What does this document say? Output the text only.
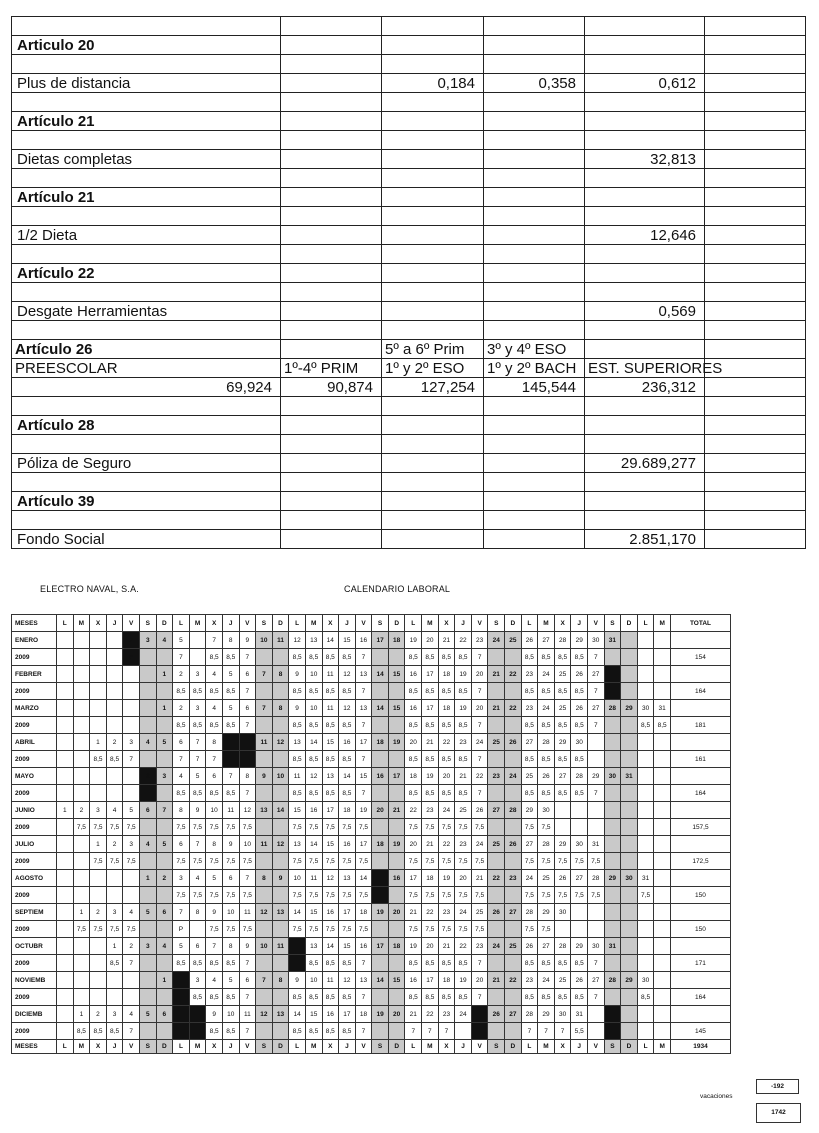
Articulo 20					

Plus de distancia		0,184	0,358	0,612	

Artículo 21					

Dietas completas				32,813	

Artículo 21					

1/2 Dieta				12,646	

Artículo 22					

Desgate Herramientas				0,569	

Artículo 26		5º a 6º Prim	3º y 4º ESO		
PREESCOLAR	1º-4º PRIM	1º y 2º ESO	1º y 2º BACH	EST. SUPERIORES	
69,924	90,874	127,254	145,544	236,312	

Artículo 28					

Póliza de Seguro				29.689,277	

Artículo 39					

Fondo Social				2.851,170	
ELECTRO NAVAL, S.A.	CALENDARIO LABORAL
MESES	L	M	X	J	V	S	D	L	M	X	J	V	S	D	L	M	X	J	V	S	D	L	M	X	J	V	S	D	L	M	X	J	V	S	D	L	M	TOTAL
ENERO					2	3	4	5		7	8	9	10	11	12	13	14	15	16	17	18	19	20	21	22	23	24	25	26	27	28	29	30	31				
2009					P			7		8,5	8,5	7			8,5	8,5	8,5	8,5	7			8,5	8,5	8,5	8,5	7			8,5	8,5	8,5	8,5	7					154
FEBRER							1	2	3	4	5	6	7	8	9	10	11	12	13	14	15	16	17	18	19	20	21	22	23	24	25	26	27					
2009								8,5	8,5	8,5	8,5	7			8,5	8,5	8,5	8,5	7			8,5	8,5	8,5	8,5	7			8,5	8,5	8,5	8,5	7					164
MARZO							1	2	3	4	5	6	7	8	9	10	11	12	13	14	15	16	17	18	19	20	21	22	23	24	25	26	27	28	29	30	31	
2009								8,5	8,5	8,5	8,5	7			8,5	8,5	8,5	8,5	7			8,5	8,5	8,5	8,5	7			8,5	8,5	8,5	8,5	7			8,5	8,5	181
ABRIL			1	2	3	4	5	6	7	8			11	12	13	14	15	16	17	18	19	20	21	22	23	24	25	26	27	28	29	30						
2009			8,5	8,5	7			7	7	7					8,5	8,5	8,5	8,5	7			8,5	8,5	8,5	8,5	7			8,5	8,5	8,5	8,5						161
MAYO						2	3	4	5	6	7	8	9	10	11	12	13	14	15	16	17	18	19	20	21	22	23	24	25	26	27	28	29	30	31			
2009								8,5	8,5	8,5	8,5	7			8,5	8,5	8,5	8,5	7			8,5	8,5	8,5	8,5	7			8,5	8,5	8,5	8,5	7					164
JUNIO	1	2	3	4	5	6	7	8	9	10	11	12	13	14	15	16	17	18	19	20	21	22	23	24	25	26	27	28	29	30								
2009		7,5	7,5	7,5	7,5			7,5	7,5	7,5	7,5	7,5			7,5	7,5	7,5	7,5	7,5			7,5	7,5	7,5	7,5	7,5			7,5	7,5								157,5
JULIO			1	2	3	4	5	6	7	8	9	10	11	12	13	14	15	16	17	18	19	20	21	22	23	24	25	26	27	28	29	30	31					
2009			7,5	7,5	7,5			7,5	7,5	7,5	7,5	7,5			7,5	7,5	7,5	7,5	7,5			7,5	7,5	7,5	7,5	7,5			7,5	7,5	7,5	7,5	7,5					172,5
AGOSTO						1	2	3	4	5	6	7	8	9	10	11	12	13	14		16	17	18	19	20	21	22	23	24	25	26	27	28	29	30	31		
2009								7,5	7,5	7,5	7,5	7,5			7,5	7,5	7,5	7,5	7,5			7,5	7,5	7,5	7,5	7,5			7,5	7,5	7,5	7,5	7,5			7,5		150
SEPTIEM		1	2	3	4	5	6	7	8	9	10	11	12	13	14	15	16	17	18	19	20	21	22	23	24	25	26	27	28	29	30							
2009		7,5	7,5	7,5	7,5			P		7,5	7,5	7,5			7,5	7,5	7,5	7,5	7,5			7,5	7,5	7,5	7,5	7,5			7,5	7,5								150
OCTUBR				1	2	3	4	5	6	7	8	9	10	11		13	14	15	16	17	18	19	20	21	22	23	24	25	26	27	28	29	30	31				
2009				8,5	7			8,5	8,5	8,5	8,5	7				8,5	8,5	8,5	7			8,5	8,5	8,5	8,5	7			8,5	8,5	8,5	8,5	7					171
NOVIEMB							1		3	4	5	6	7	8	9	10	11	12	13	14	15	16	17	18	19	20	21	22	23	24	25	26	27	28	29	30		
2009									8,5	8,5	8,5	7			8,5	8,5	8,5	8,5	7			8,5	8,5	8,5	8,5	7			8,5	8,5	8,5	8,5	7			8,5		164
DICIEMB		1	2	3	4	5	6			9	10	11	12	13	14	15	16	17	18	19	20	21	22	23	24		26	27	28	29	30	31						
2009		8,5	8,5	8,5	7					8,5	8,5	7			8,5	8,5	8,5	8,5	7			7	7	7					7	7	7	5,5						145
MESES	L	M	X	J	V	S	D	L	M	X	J	V	S	D	L	M	X	J	V	S	D	L	M	X	J	V	S	D	L	M	X	J	V	S	D	L	M	1934
vacaciones
-192
1742
